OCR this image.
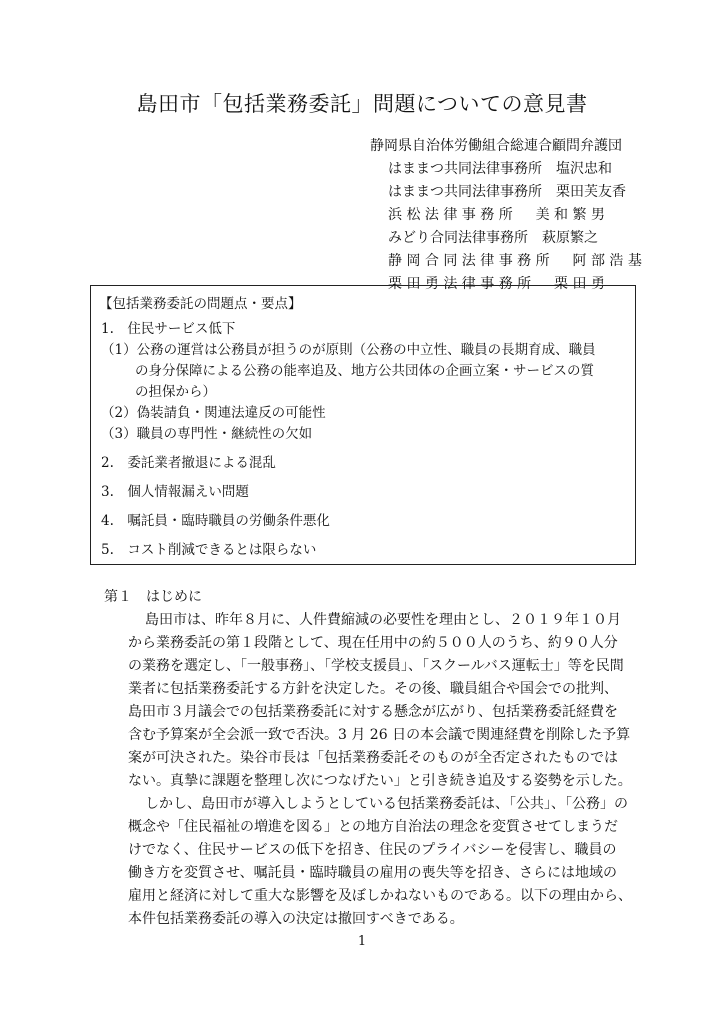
島田市「包括業務委託」問題についての意見書
静岡県自治体労働組合総連合顧問弁護団
はままつ共同法律事務所　塩沢忠和
はままつ共同法律事務所　栗田芙友香
浜 松 法 律 事 務 所 　 美 和 繁 男
みどり合同法律事務所　萩原繁之
静 岡 合 同 法 律 事 務 所 　 阿 部 浩 基
栗 田 勇 法 律 事 務 所 　 栗 田 勇
【包括業務委託の問題点・要点】
1.　住民サービス低下
（1）公務の運営は公務員が担うのが原則（公務の中立性、職員の長期育成、職員
の身分保障による公務の能率追及、地方公共団体の企画立案・サービスの質
の担保から）
（2）偽装請負・関連法違反の可能性
（3）職員の専門性・継続性の欠如
2.　委託業者撤退による混乱
3.　個人情報漏えい問題
4.　嘱託員・臨時職員の労働条件悪化
5.　コスト削減できるとは限らない
第１　はじめに
島田市は、昨年８月に、人件費縮減の必要性を理由とし、２０１９年１０月
から業務委託の第１段階として、現在任用中の約５００人のうち、約９０人分
の業務を選定し、「一般事務」、「学校支援員」、「スクールバス運転士」等を民間
業者に包括業務委託する方針を決定した。その後、職員組合や国会での批判、
島田市３月議会での包括業務委託に対する懸念が広がり、包括業務委託経費を
含む予算案が全会派一致で否決。3 月 26 日の本会議で関連経費を削除した予算
案が可決された。染谷市長は「包括業務委託そのものが全否定されたものでは
ない。真摯に課題を整理し次につなげたい」と引き続き追及する姿勢を示した。
しかし、島田市が導入しようとしている包括業務委託は、「公共」、「公務」の
概念や「住民福祉の増進を図る」との地方自治法の理念を変質させてしまうだ
けでなく、住民サービスの低下を招き、住民のプライバシーを侵害し、職員の
働き方を変質させ、嘱託員・臨時職員の雇用の喪失等を招き、さらには地域の
雇用と経済に対して重大な影響を及ぼしかねないものである。以下の理由から、
本件包括業務委託の導入の決定は撤回すべきである。
1
